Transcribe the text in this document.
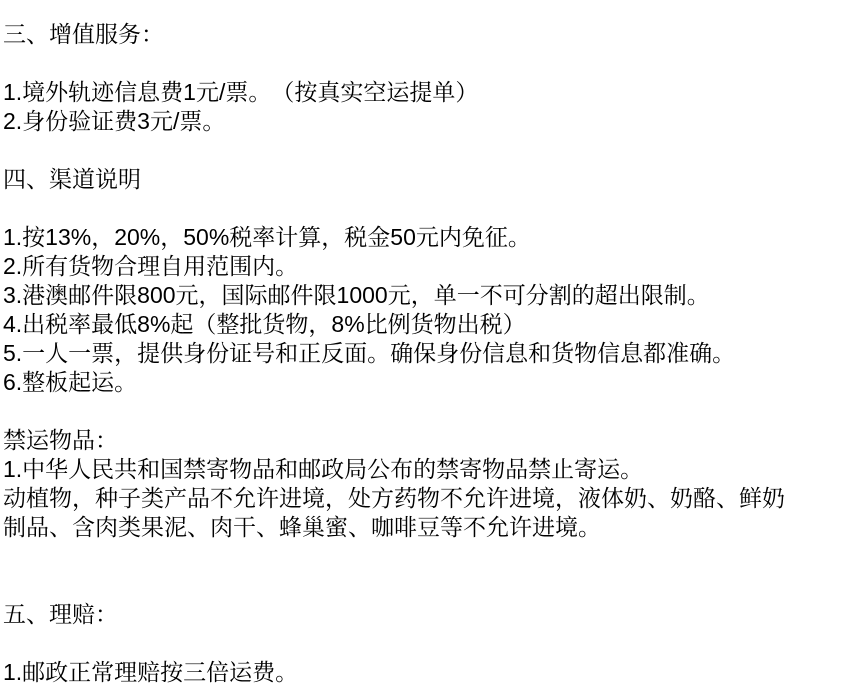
三、增值服务：
1.境外轨迹信息费1元/票。　（按真实空运提单）
2.身份验证费3元/票。
四、渠道说明
1.按13%，20%，50%税率计算，税金50元内免征。
2.所有货物合理自用范围内。
3.港澳邮件限800元，国际邮件限1000元，单一不可分割的超出限制。
4.出税率最低8%起（整批货物，8%比例货物出税）
5.一人一票，提供身份证号和正反面。确保身份信息和货物信息都准确。
6.整板起运。
禁运物品：
1.中华人民共和国禁寄物品和邮政局公布的禁寄物品禁止寄运。
动植物，种子类产品不允许进境，处方药物不允许进境，液体奶、奶酪、鲜奶
制品、含肉类果泥、肉干、蜂巢蜜、咖啡豆等不允许进境。
五、理赔：
1.邮政正常理赔按三倍运费。
